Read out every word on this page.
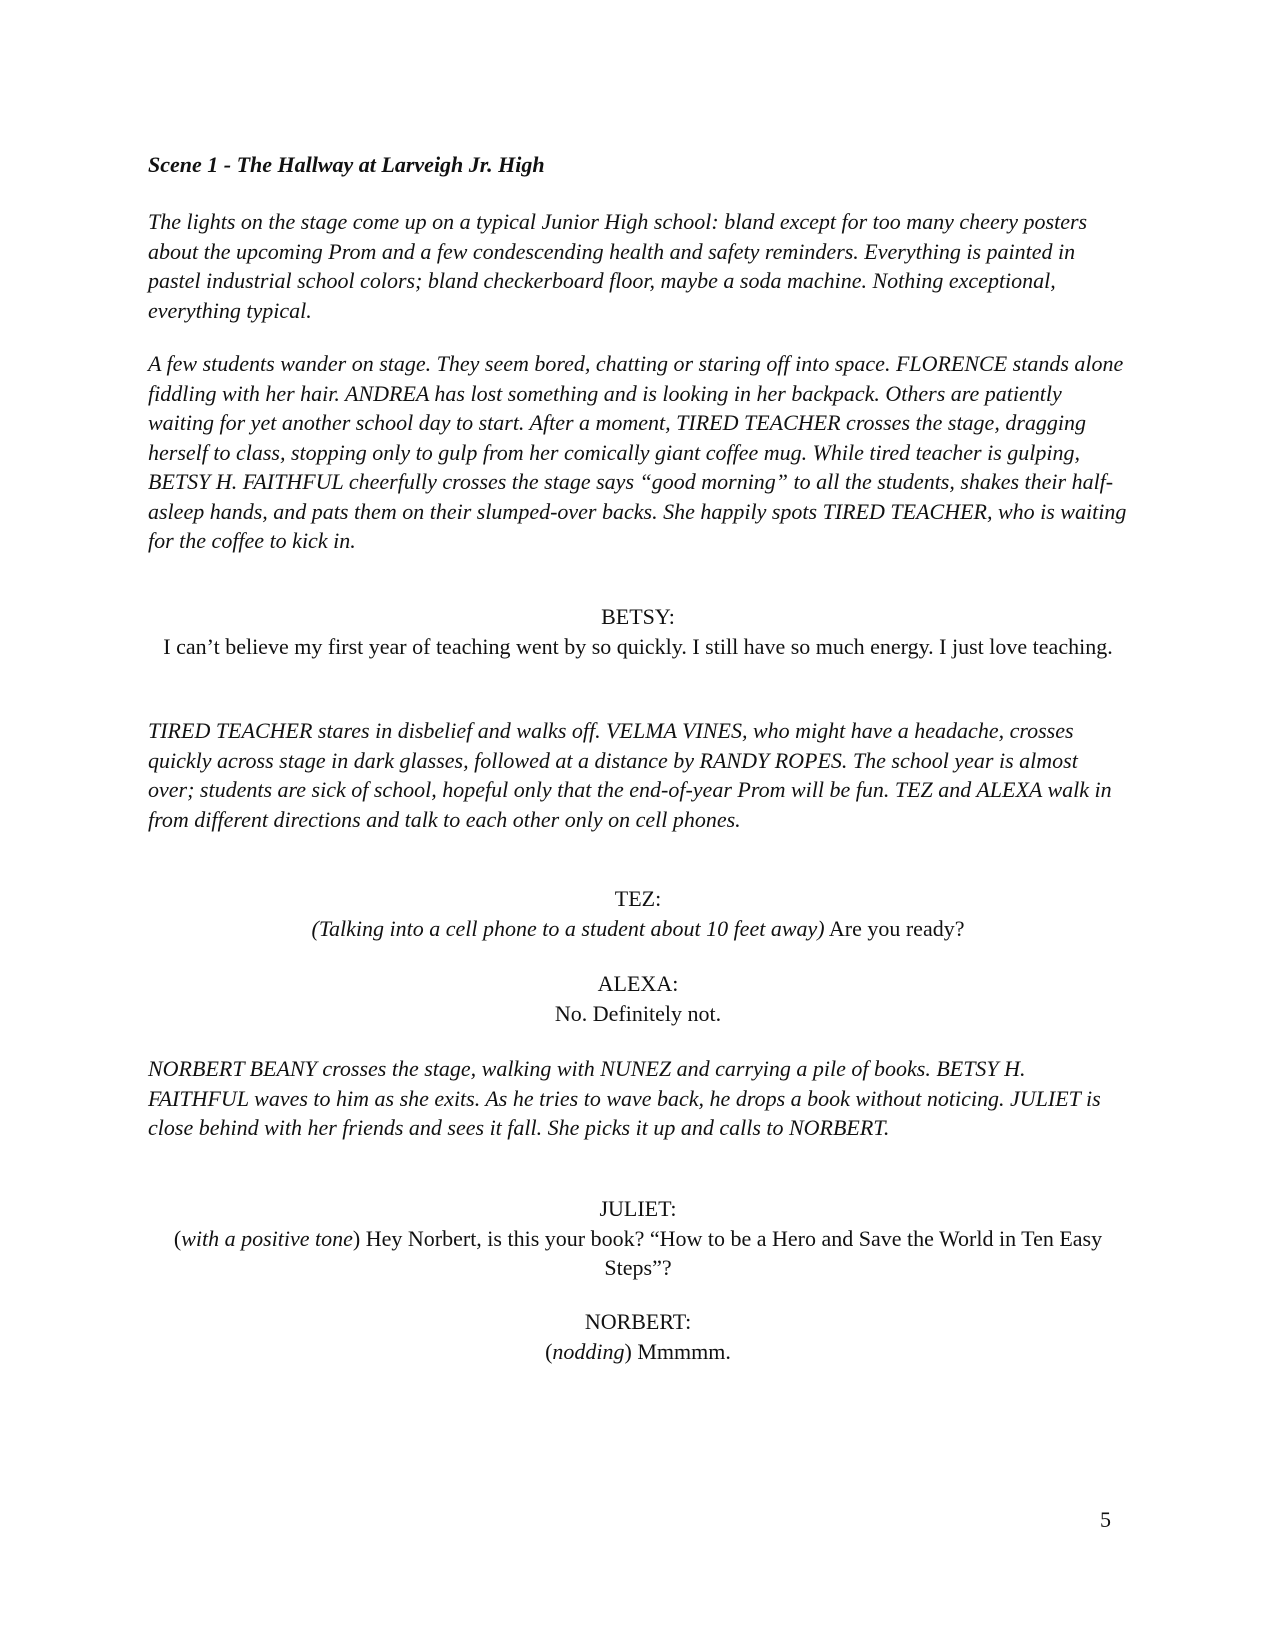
Scene 1 - The Hallway at Larveigh Jr. High

The lights on the stage come up on a typical Junior High school: bland except for too many cheery posters about the upcoming Prom and a few condescending health and safety reminders. Everything is painted in pastel industrial school colors; bland checkerboard floor, maybe a soda machine. Nothing exceptional, everything typical.

A few students wander on stage. They seem bored, chatting or staring off into space. FLORENCE stands alone fiddling with her hair. ANDREA has lost something and is looking in her backpack. Others are patiently waiting for yet another school day to start. After a moment, TIRED TEACHER crosses the stage, dragging herself to class, stopping only to gulp from her comically giant coffee mug. While tired teacher is gulping, BETSY H. FAITHFUL cheerfully crosses the stage says “good morning” to all the students, shakes their half-asleep hands, and pats them on their slumped-over backs. She happily spots TIRED TEACHER, who is waiting for the coffee to kick in.

BETSY:
I can’t believe my first year of teaching went by so quickly. I still have so much energy. I just love teaching.

TIRED TEACHER stares in disbelief and walks off. VELMA VINES, who might have a headache, crosses quickly across stage in dark glasses, followed at a distance by RANDY ROPES. The school year is almost over; students are sick of school, hopeful only that the end-of-year Prom will be fun. TEZ and ALEXA walk in from different directions and talk to each other only on cell phones.

TEZ:
(Talking into a cell phone to a student about 10 feet away) Are you ready?
ALEXA:
No. Definitely not.

NORBERT BEANY crosses the stage, walking with NUNEZ and carrying a pile of books. BETSY H. FAITHFUL waves to him as she exits. As he tries to wave back, he drops a book without noticing. JULIET is close behind with her friends and sees it fall. She picks it up and calls to NORBERT.

JULIET:
(with a positive tone) Hey Norbert, is this your book? “How to be a Hero and Save the World in Ten Easy Steps”?
NORBERT:
(nodding) Mmmmm.

5
